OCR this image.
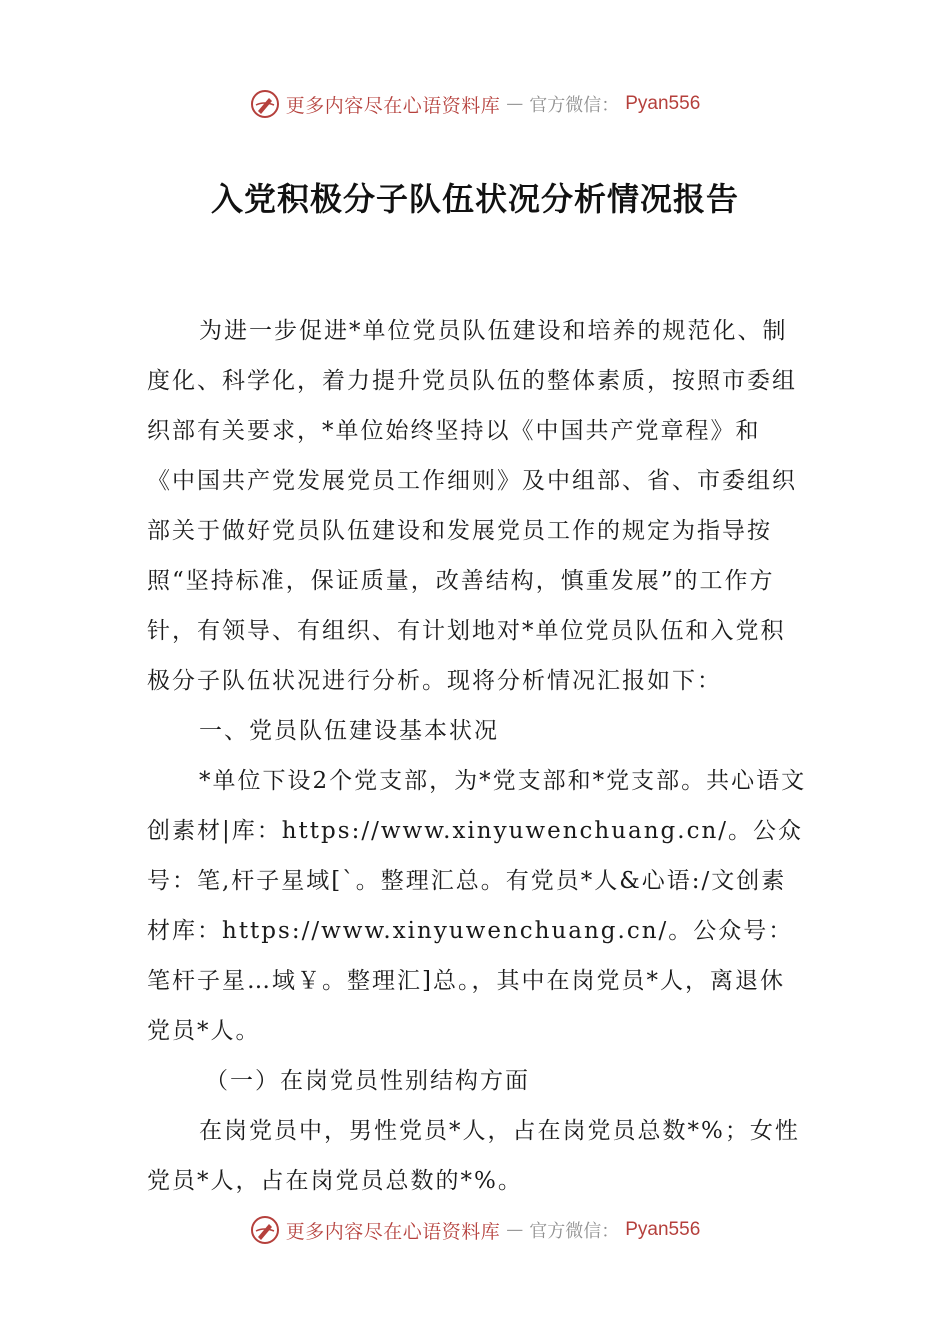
更多内容尽在心语资料库 — 官方微信： Pyan556
入党积极分子队伍状况分析情况报告

为进一步促进*单位党员队伍建设和培养的规范化、制度化、科学化，着力提升党员队伍的整体素质，按照市委组织部有关要求，*单位始终坚持以《中国共产党章程》和《中国共产党发展党员工作细则》及中组部、省、市委组织部关于做好党员队伍建设和发展党员工作的规定为指导按照“坚持标准，保证质量，改善结构，慎重发展”的工作方针，有领导、有组织、有计划地对*单位党员队伍和入党积极分子队伍状况进行分析。现将分析情况汇报如下：

一、党员队伍建设基本状况

*单位下设2个党支部，为*党支部和*党支部。共心语文创素材|库：https://www.xinyuwenchuang.cn/。公众号：笔,杆子星域[`。整理汇总。有党员*人&心语:/文创素材库：https://www.xinyuwenchuang.cn/。公众号：笔杆子星…域￥。整理汇]总。，其中在岗党员*人，离退休党员*人。

（一）在岗党员性别结构方面

在岗党员中，男性党员*人，占在岗党员总数*%；女性党员*人，占在岗党员总数的*%。

更多内容尽在心语资料库 — 官方微信： Pyan556
